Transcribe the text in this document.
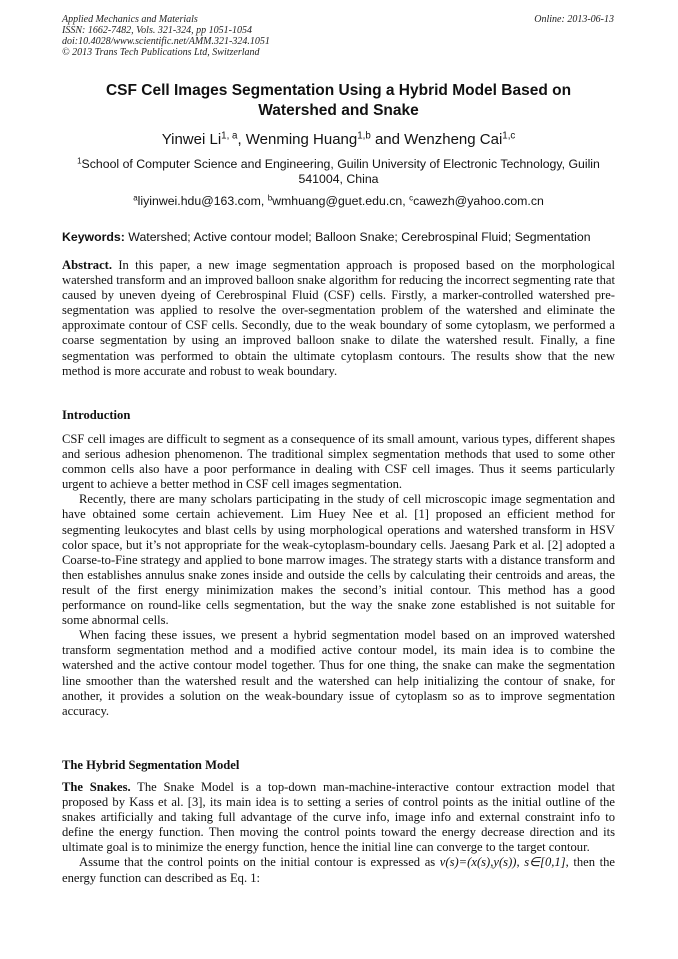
Applied Mechanics and Materials
ISSN: 1662-7482, Vols. 321-324, pp 1051-1054
doi:10.4028/www.scientific.net/AMM.321-324.1051
© 2013 Trans Tech Publications Ltd, Switzerland
Online: 2013-06-13
CSF Cell Images Segmentation Using a Hybrid Model Based on
Watershed and Snake
Yinwei Li$^{1, a}$, Wenming Huang$^{1,b}$ and Wenzheng Cai$^{1,c}$
$^1$School of Computer Science and Engineering, Guilin University of Electronic Technology, Guilin
541004, China
$^a$liyinwei.hdu@163.com, $^b$wmhuang@guet.edu.cn, $^c$cawezh@yahoo.com.cn
Keywords: Watershed; Active contour model; Balloon Snake; Cerebrospinal Fluid; Segmentation

Abstract. In this paper, a new image segmentation approach is proposed based on the morphological watershed transform and an improved balloon snake algorithm for reducing the incorrect segmenting rate that caused by uneven dyeing of Cerebrospinal Fluid (CSF) cells. Firstly, a marker-controlled watershed pre-segmentation was applied to resolve the over-segmentation problem of the watershed and eliminate the approximate contour of CSF cells. Secondly, due to the weak boundary of some cytoplasm, we performed a coarse segmentation by using an improved balloon snake to dilate the watershed result. Finally, a fine segmentation was performed to obtain the ultimate cytoplasm contours. The results show that the new method is more accurate and robust to weak boundary.

Introduction

CSF cell images are difficult to segment as a consequence of its small amount, various types, different shapes and serious adhesion phenomenon. The traditional simplex segmentation methods that used to some other common cells also have a poor performance in dealing with CSF cell images. Thus it seems particularly urgent to achieve a better method in CSF cell images segmentation.

Recently, there are many scholars participating in the study of cell microscopic image segmentation and have obtained some certain achievement. Lim Huey Nee et al. [1] proposed an efficient method for segmenting leukocytes and blast cells by using morphological operations and watershed transform in HSV color space, but it’s not appropriate for the weak-cytoplasm-boundary cells. Jaesang Park et al. [2] adopted a Coarse-to-Fine strategy and applied to bone marrow images. The strategy starts with a distance transform and then establishes annulus snake zones inside and outside the cells by calculating their centroids and areas, the result of the first energy minimization makes the second’s initial contour. This method has a good performance on round-like cells segmentation, but the way the snake zone established is not suitable for some abnormal cells.

When facing these issues, we present a hybrid segmentation model based on an improved watershed transform segmentation method and a modified active contour model, its main idea is to combine the watershed and the active contour model together. Thus for one thing, the snake can make the segmentation line smoother than the watershed result and the watershed can help initializing the contour of snake, for another, it provides a solution on the weak-boundary issue of cytoplasm so as to improve segmentation accuracy.

The Hybrid Segmentation Model

The Snakes. The Snake Model is a top-down man-machine-interactive contour extraction model that proposed by Kass et al. [3], its main idea is to setting a series of control points as the initial outline of the snakes artificially and taking full advantage of the curve info, image info and external constraint info to define the energy function. Then moving the control points toward the energy decrease direction and its ultimate goal is to minimize the energy function, hence the initial line can converge to the target contour.

Assume that the control points on the initial contour is expressed as v(s)=(x(s),y(s)), s∈[0,1], then the energy function can described as Eq. 1:
